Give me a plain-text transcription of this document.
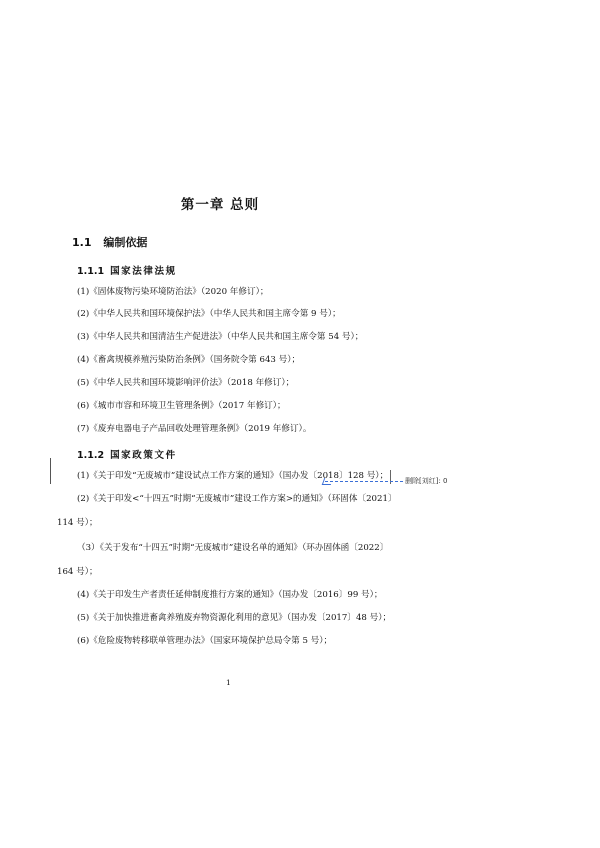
第一章 总则
1.1 编制依据
1.1.1 国家法律法规
(1)《固体废物污染环境防治法》（2020 年修订）；
(2)《中华人民共和国环境保护法》（中华人民共和国主席令第 9 号）；
(3)《中华人民共和国清洁生产促进法》（中华人民共和国主席令第 54 号）；
(4)《畜禽规模养殖污染防治条例》（国务院令第 643 号）；
(5)《中华人民共和国环境影响评价法》（2018 年修订）；
(6)《城市市容和环境卫生管理条例》（2017 年修订）；
(7)《废弃电器电子产品回收处理管理条例》（2019 年修订）。
1.1.2 国家政策文件
(1)《关于印发“无废城市”建设试点工作方案的通知》（国办发〔2018〕128 号）；
(2)《关于印发<“十四五”时期“无废城市”建设工作方案>的通知》（环固体〔2021〕
114 号）；
（3）《关于发布“十四五”时期“无废城市”建设名单的通知》（环办固体函〔2022〕
164 号）；
(4)《关于印发生产者责任延伸制度推行方案的通知》（国办发〔2016〕99 号）；
(5)《关于加快推进畜禽养殖废弃物资源化利用的意见》（国办发〔2017〕48 号）；
(6)《危险废物转移联单管理办法》（国家环境保护总局令第 5 号）；
删除[刘红]: 0
1
